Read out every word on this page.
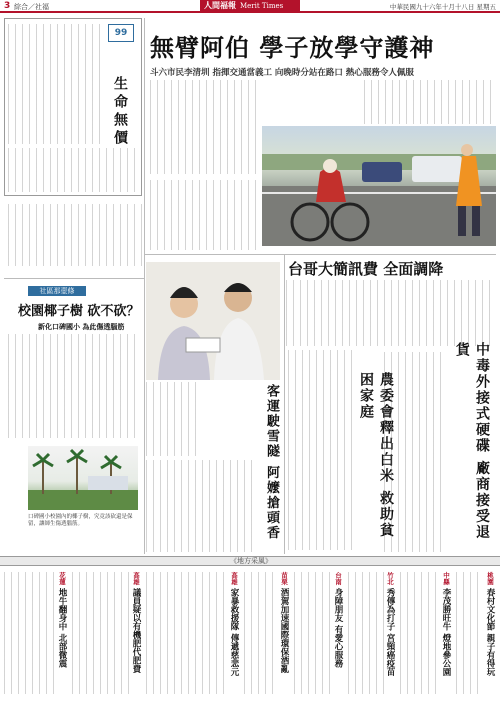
3 綜合／社福	人間福報 Merit Times	中華民國九十六年十月十八日 星期五
99
生命無價
無臂阿伯 學子放學守護神
斗六市民李清圳 指揮交通當義工 向晚時分站在路口 熱心服務令人佩服
台哥大簡訊費 全面調降
社區那壺條
校園椰子樹 砍不砍？
新化口碑國小 為此傷透腦筋
口碑國小校園內的椰子樹，究竟該砍還是保留，讓師生傷透腦筋。	客運駛雪隧 阿嬤搶頭香	農委會釋出白米 救助貧困家庭	中毒外接式硬碟 廠商接受退貨
《地方采風》
桃園 春村文化節 親子有得玩
中縣 李茂勝旺牛 燈地參公園
竹北 秀傳為打子 宮頸癌疫苗
台南 身障朋友 有愛心服務
苗栗 酒駕加速國際環保酒亂
高雄 家暴救援隊 傳遞慈悲元
高雄 議員疑以有機肥代肥費
花蓮 地牛翻身中 北部微震
